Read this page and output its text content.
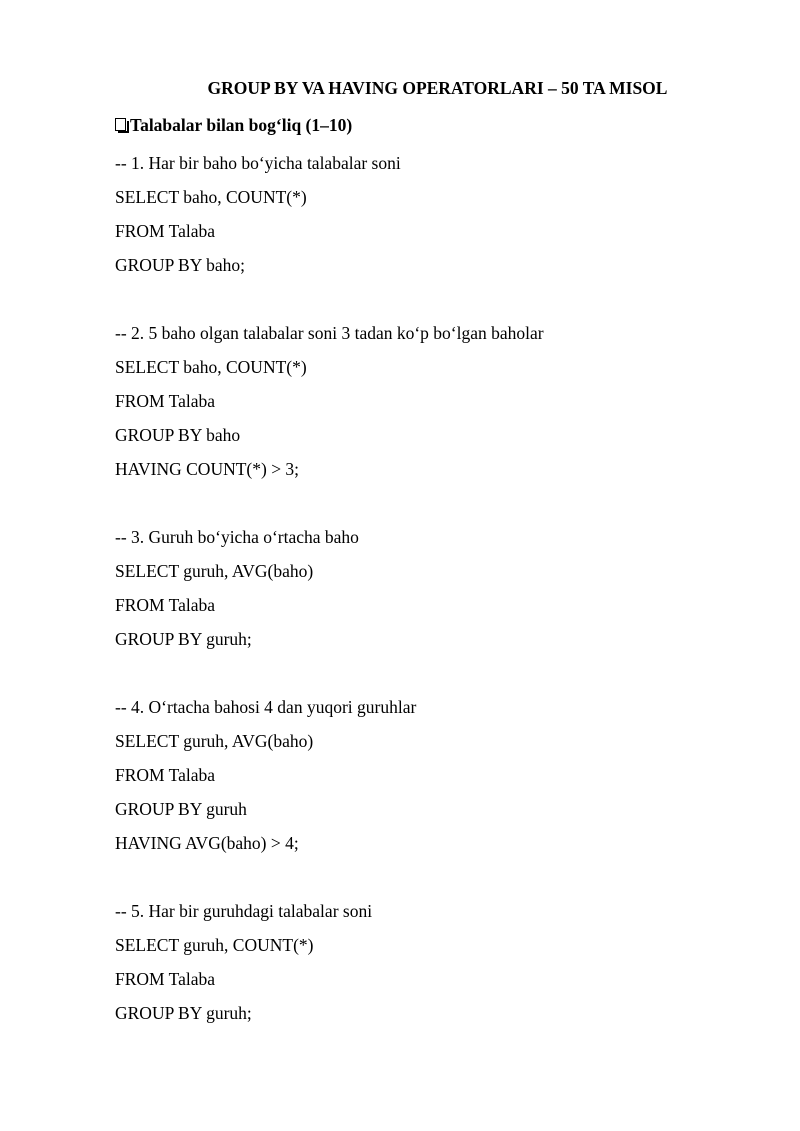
GROUP BY VA HAVING OPERATORLARI – 50 TA MISOL
Talabalar bilan bog‘liq (1–10)
-- 1. Har bir baho bo‘yicha talabalar soni
SELECT baho, COUNT(*)
FROM Talaba
GROUP BY baho;
-- 2. 5 baho olgan talabalar soni 3 tadan ko‘p bo‘lgan baholar
SELECT baho, COUNT(*)
FROM Talaba
GROUP BY baho
HAVING COUNT(*) > 3;
-- 3. Guruh bo‘yicha o‘rtacha baho
SELECT guruh, AVG(baho)
FROM Talaba
GROUP BY guruh;
-- 4. O‘rtacha bahosi 4 dan yuqori guruhlar
SELECT guruh, AVG(baho)
FROM Talaba
GROUP BY guruh
HAVING AVG(baho) > 4;
-- 5. Har bir guruhdagi talabalar soni
SELECT guruh, COUNT(*)
FROM Talaba
GROUP BY guruh;
